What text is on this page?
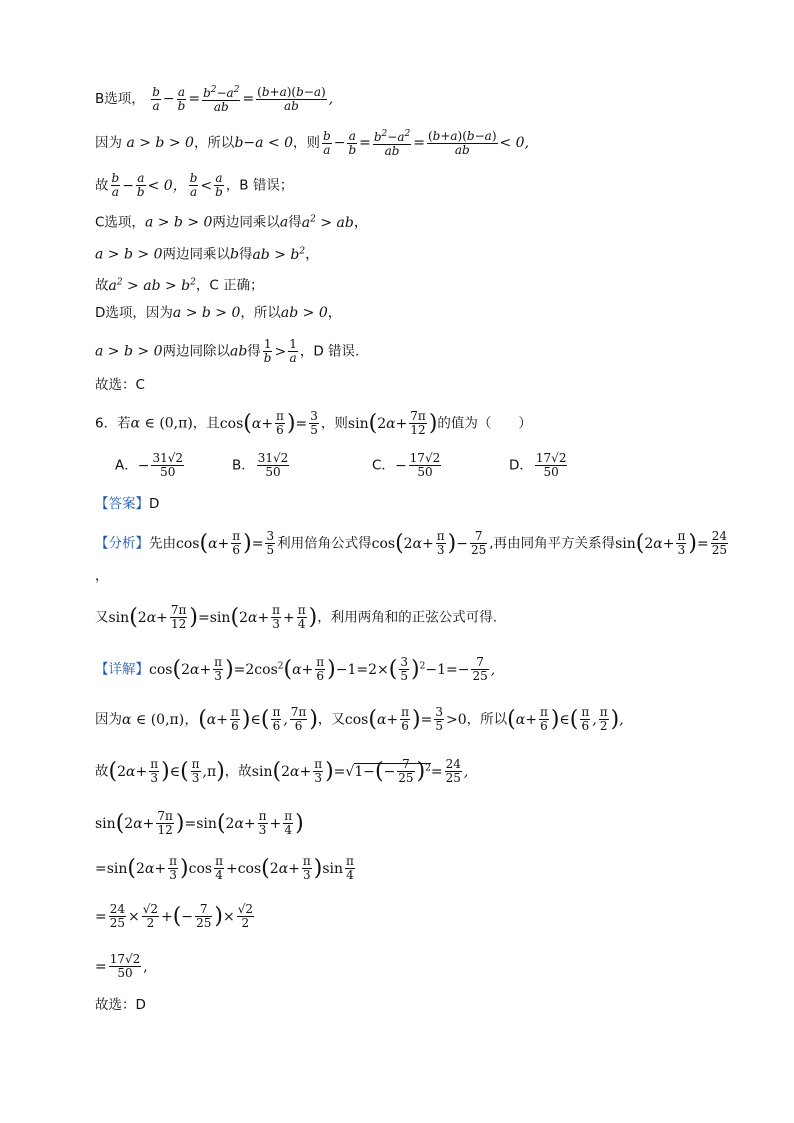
B选项， $\frac{b}{a} - \frac{a}{b} = \frac{b^2-a^2}{ab} = \frac{(b+a)(b-a)}{ab}$ ,
因为 a > b > 0，所以b−a < 0，则 $\frac{b}{a} - \frac{a}{b} = \frac{b^2-a^2}{ab} = \frac{(b+a)(b-a)}{ab} < 0$,
故 $\frac{b}{a} - \frac{a}{b} < 0$， $\frac{b}{a} < \frac{a}{b}$ ，B 错误；
C选项，a > b > 0两边同乘以a得$a^2$ > ab，
a > b > 0两边同乘以b得ab > $b^2$，
故$a^2$ > ab > $b^2$，C 正确；
D选项，因为a > b > 0，所以ab > 0，
a > b > 0两边同除以ab得 $\frac{1}{b} > \frac{1}{a}$ ，D 错误.
故选：C
6．若α ∈ (0,π)，且$\cos(\alpha+ \frac{\pi}{6}$ )= $\frac{3}{5}$ ，则$\sin(2\alpha+ \frac{7\pi}{12}$ )的值为（　　）
A．− $\frac{31√2}{50}$	B． $\frac{31√2}{50}$	C．− $\frac{17√2}{50}$	D． $\frac{17√2}{50}$
【答案】D
【分析】先由$\cos(\alpha+ \frac{\pi}{6}$ )= $\frac{3}{5}$ 利用倍角公式得$\cos(2\alpha+ \frac{\pi}{3}$ )− $\frac{7}{25}$ ,再由同角平方关系得$\sin(2\alpha+ \frac{\pi}{3}$ )= $\frac{24}{25}$
，
又$\sin(2\alpha+ \frac{7\pi}{12} )=\sin(2\alpha+ \frac{\pi}{3} + \frac{\pi}{4}$ )，利用两角和的正弦公式可得.
【详解】$\cos(2\alpha+ \frac{\pi}{3} )=2\cos^2(\alpha+ \frac{\pi}{6} )-1=2\times( \frac{3}{5} )^2-1=- \frac{7}{25}$ ,
因为α ∈ (0,π)，($\alpha+ \frac{\pi}{6}$ )∈( $\frac{\pi}{6}$ , $\frac{7\pi}{6}$ )，又$\cos(\alpha+ \frac{\pi}{6}$ )= $\frac{3}{5} >0$，所以($\alpha+ \frac{\pi}{6}$ )∈( $\frac{\pi}{6}$ , $\frac{\pi}{2}$ ),
故($2\alpha+ \frac{\pi}{3}$ )∈( $\frac{\pi}{3} ,\pi$)，故$\sin(2\alpha+ \frac{\pi}{3} )=√1-(- \frac{7}{25} )^2= \frac{24}{25}$ ,
$\sin(2\alpha+ \frac{7\pi}{12} )=\sin(2\alpha+ \frac{\pi}{3} + \frac{\pi}{4}$ )
$=\sin(2\alpha+ \frac{\pi}{3} )\cos \frac{\pi}{4} +\cos(2\alpha+ \frac{\pi}{3} )\sin \frac{\pi}{4}$
= $\frac{24}{25} \times \frac{√2}{2}$ +(− $\frac{7}{25}$ )× $\frac{√2}{2}$
= $\frac{17√2}{50}$ ,
故选：D
